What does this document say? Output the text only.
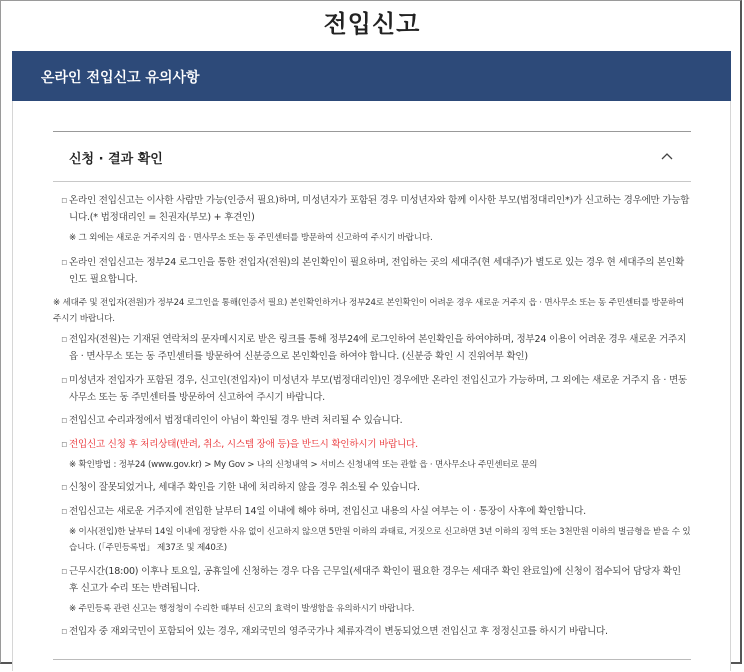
전입신고
온라인 전입신고 유의사항
신청 · 결과 확인
▫ 온라인 전입신고는 이사한 사람만 가능(인증서 필요)하며, 미성년자가 포함된 경우 미성년자와 함께 이사한 부모(법정대리인*)가 신고하는 경우에만 가능합니다.(* 법정대리인 = 친권자(부모) + 후견인)
※ 그 외에는 새로운 거주지의 읍 · 면사무소 또는 동 주민센터를 방문하여 신고하여 주시기 바랍니다.
▫ 온라인 전입신고는 정부24 로그인을 통한 전입자(전원)의 본인확인이 필요하며, 전입하는 곳의 세대주(현 세대주)가 별도로 있는 경우 현 세대주의 본인확인도 필요합니다.
※ 세대주 및 전입자(전원)가 정부24 로그인을 통해(인증서 필요) 본인확인하거나 정부24로 본인확인이 어려운 경우 새로운 거주지 읍 · 면사무소 또는 동 주민센터를 방문하여 주시기 바랍니다.
▫ 전입자(전원)는 기재된 연락처의 문자메시지로 받은 링크를 통해 정부24에 로그인하여 본인확인을 하여야하며, 정부24 이용이 어려운 경우 새로운 거주지 읍 · 면사무소 또는 동 주민센터를 방문하여 신분증으로 본인확인을 하여야 합니다. (신분증 확인 시 진위여부 확인)
▫ 미성년자 전입자가 포함된 경우, 신고인(전입자)이 미성년자 부모(법정대리인)인 경우에만 온라인 전입신고가 가능하며, 그 외에는 새로운 거주지 읍 · 면동 사무소 또는 동 주민센터를 방문하여 신고하여 주시기 바랍니다.
▫ 전입신고 수리과정에서 법정대리인이 아님이 확인될 경우 반려 처리될 수 있습니다.
▫ 전입신고 신청 후 처리상태(반려, 취소, 시스템 장애 등)을 반드시 확인하시기 바랍니다.
※ 확인방법 : 정부24 (www.gov.kr) > My Gov > 나의 신청내역 > 서비스 신청내역 또는 관할 읍 · 면사무소나 주민센터로 문의
▫ 신청이 잘못되었거나, 세대주 확인을 기한 내에 처리하지 않을 경우 취소될 수 있습니다.
▫ 전입신고는 새로운 거주지에 전입한 날부터 14일 이내에 해야 하며, 전입신고 내용의 사실 여부는 이 · 통장이 사후에 확인합니다.
※ 이사(전입)한 날부터 14일 이내에 정당한 사유 없이 신고하지 않으면 5만원 이하의 과태료, 거짓으로 신고하면 3년 이하의 징역 또는 3천만원 이하의 벌금형을 받을 수 있습니다. (「주민등록법」 제37조 및 제40조)
▫ 근무시간(18:00) 이후나 토요일, 공휴일에 신청하는 경우 다음 근무일(세대주 확인이 필요한 경우는 세대주 확인 완료일)에 신청이 접수되어 담당자 확인 후 신고가 수리 또는 반려됩니다.
※ 주민등록 관련 신고는 행정청이 수리한 때부터 신고의 효력이 발생함을 유의하시기 바랍니다.
▫ 전입자 중 재외국민이 포함되어 있는 경우, 재외국민의 영주국가나 체류자격이 변동되었으면 전입신고 후 정정신고를 하시기 바랍니다.
